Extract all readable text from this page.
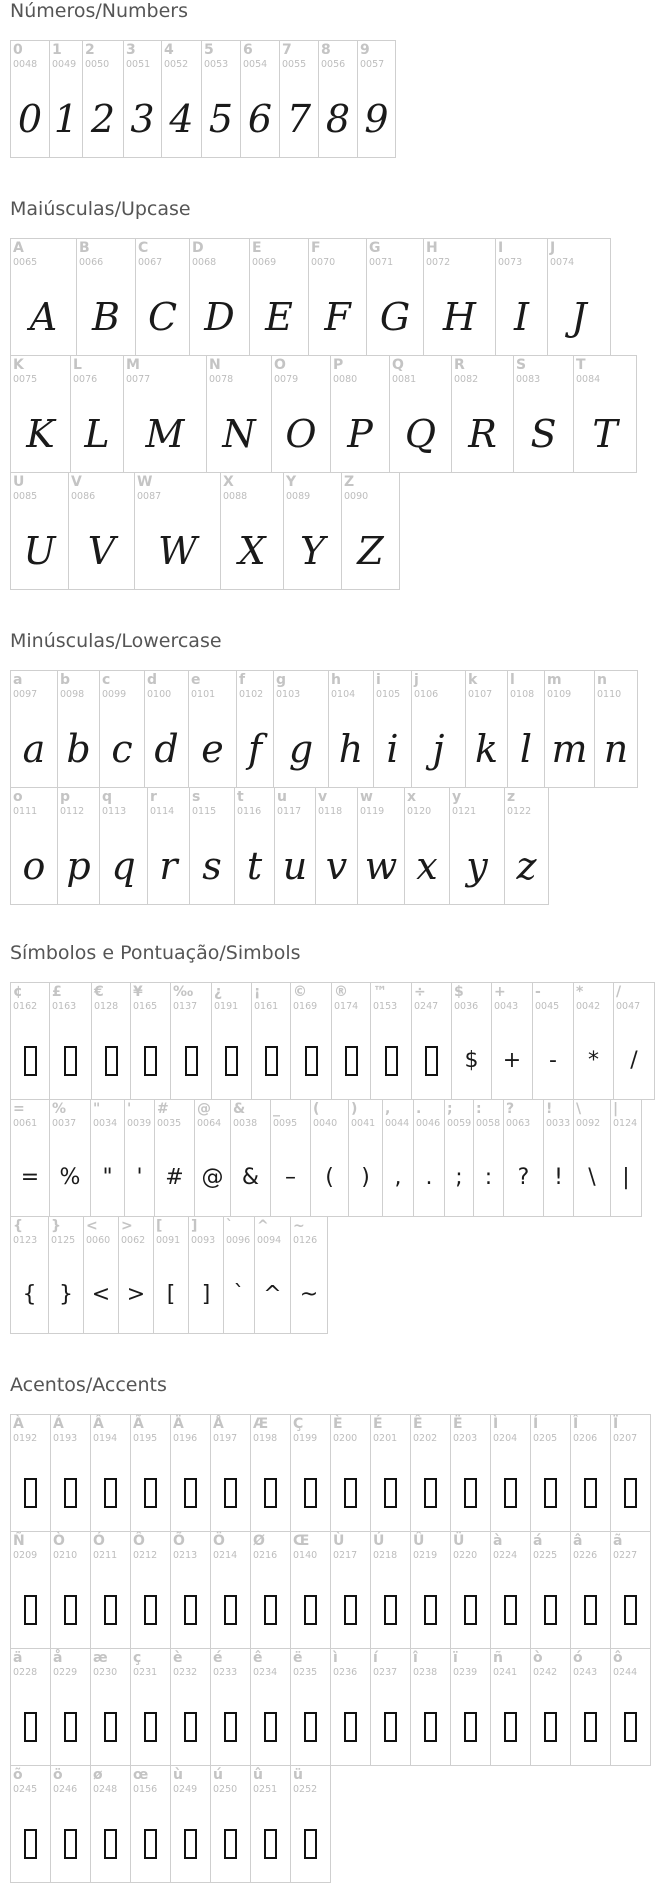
Números/Numbers
0
0048
0
1
0049
1
2
0050
2
3
0051
3
4
0052
4
5
0053
5
6
0054
6
7
0055
7
8
0056
8
9
0057
9
Maiúsculas/Upcase
A
0065
A
B
0066
B
C
0067
C
D
0068
D
E
0069
E
F
0070
F
G
0071
G
H
0072
H
I
0073
I
J
0074
J
K
0075
K
L
0076
L
M
0077
M
N
0078
N
O
0079
O
P
0080
P
Q
0081
Q
R
0082
R
S
0083
S
T
0084
T
U
0085
U
V
0086
V
W
0087
W
X
0088
X
Y
0089
Y
Z
0090
Z
Minúsculas/Lowercase
a
0097
a
b
0098
b
c
0099
c
d
0100
d
e
0101
e
f
0102
f
g
0103
g
h
0104
h
i
0105
i
j
0106
j
k
0107
k
l
0108
l
m
0109
m
n
0110
n
o
0111
o
p
0112
p
q
0113
q
r
0114
r
s
0115
s
t
0116
t
u
0117
u
v
0118
v
w
0119
w
x
0120
x
y
0121
y
z
0122
z
Símbolos e Pontuação/Simbols
¢
0162
£
0163
€
0128
¥
0165
‰
0137
¿
0191
¡
0161
©
0169
®
0174
™
0153
÷
0247
$
0036
$
+
0043
+
-
0045
-
*
0042
*
/
0047
/
=
0061
=
%
0037
%
"
0034
"
'
0039
'
#
0035
#
@
0064
@
&
0038
&
_
0095
–
(
0040
(
)
0041
)
,
0044
,
.
0046
.
;
0059
;
:
0058
:
?
0063
?
!
0033
!
\
0092
\
|
0124
|
{
0123
{
}
0125
}
<
0060
<
>
0062
>
[
0091
[
]
0093
]
`
0096
`
^
0094
^
~
0126
~
Acentos/Accents
À
0192
Á
0193
Â
0194
Ã
0195
Ä
0196
Å
0197
Æ
0198
Ç
0199
È
0200
É
0201
Ê
0202
Ë
0203
Ì
0204
Í
0205
Î
0206
Ï
0207
Ñ
0209
Ò
0210
Ó
0211
Ô
0212
Õ
0213
Ö
0214
Ø
0216
Œ
0140
Ù
0217
Ú
0218
Û
0219
Ü
0220
à
0224
á
0225
â
0226
ã
0227
ä
0228
å
0229
æ
0230
ç
0231
è
0232
é
0233
ê
0234
ë
0235
ì
0236
í
0237
î
0238
ï
0239
ñ
0241
ò
0242
ó
0243
ô
0244
õ
0245
ö
0246
ø
0248
œ
0156
ù
0249
ú
0250
û
0251
ü
0252
